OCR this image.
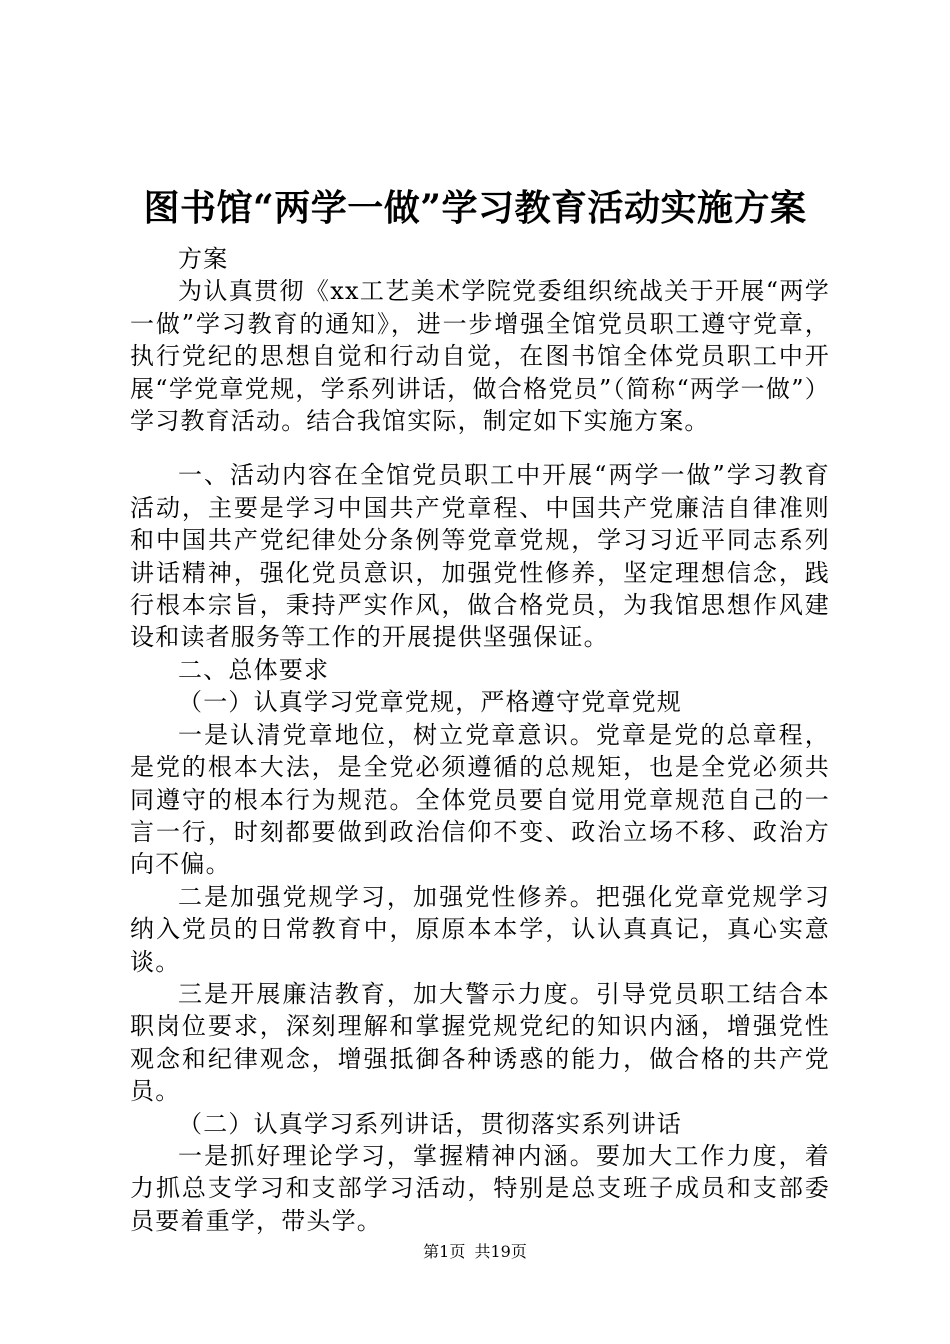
图书馆“两学一做”学习教育活动实施方案

方案

为认真贯彻《xx工艺美术学院党委组织统战关于开展“两学一做”学习教育的通知》，进一步增强全馆党员职工遵守党章，执行党纪的思想自觉和行动自觉，在图书馆全体党员职工中开展“学党章党规，学系列讲话，做合格党员”（简称“两学一做”）学习教育活动。结合我馆实际，制定如下实施方案。

一、活动内容在全馆党员职工中开展“两学一做”学习教育活动，主要是学习中国共产党章程、中国共产党廉洁自律准则和中国共产党纪律处分条例等党章党规，学习习近平同志系列讲话精神，强化党员意识，加强党性修养，坚定理想信念，践行根本宗旨，秉持严实作风，做合格党员，为我馆思想作风建设和读者服务等工作的开展提供坚强保证。

二、总体要求

（一）认真学习党章党规，严格遵守党章党规

一是认清党章地位，树立党章意识。党章是党的总章程，是党的根本大法，是全党必须遵循的总规矩，也是全党必须共同遵守的根本行为规范。全体党员要自觉用党章规范自己的一言一行，时刻都要做到政治信仰不变、政治立场不移、政治方向不偏。

二是加强党规学习，加强党性修养。把强化党章党规学习纳入党员的日常教育中，原原本本学，认认真真记，真心实意谈。

三是开展廉洁教育，加大警示力度。引导党员职工结合本职岗位要求，深刻理解和掌握党规党纪的知识内涵，增强党性观念和纪律观念，增强抵御各种诱惑的能力，做合格的共产党员。

（二）认真学习系列讲话，贯彻落实系列讲话

一是抓好理论学习，掌握精神内涵。要加大工作力度，着力抓总支学习和支部学习活动，特别是总支班子成员和支部委员要着重学，带头学。

第1页 共19页
